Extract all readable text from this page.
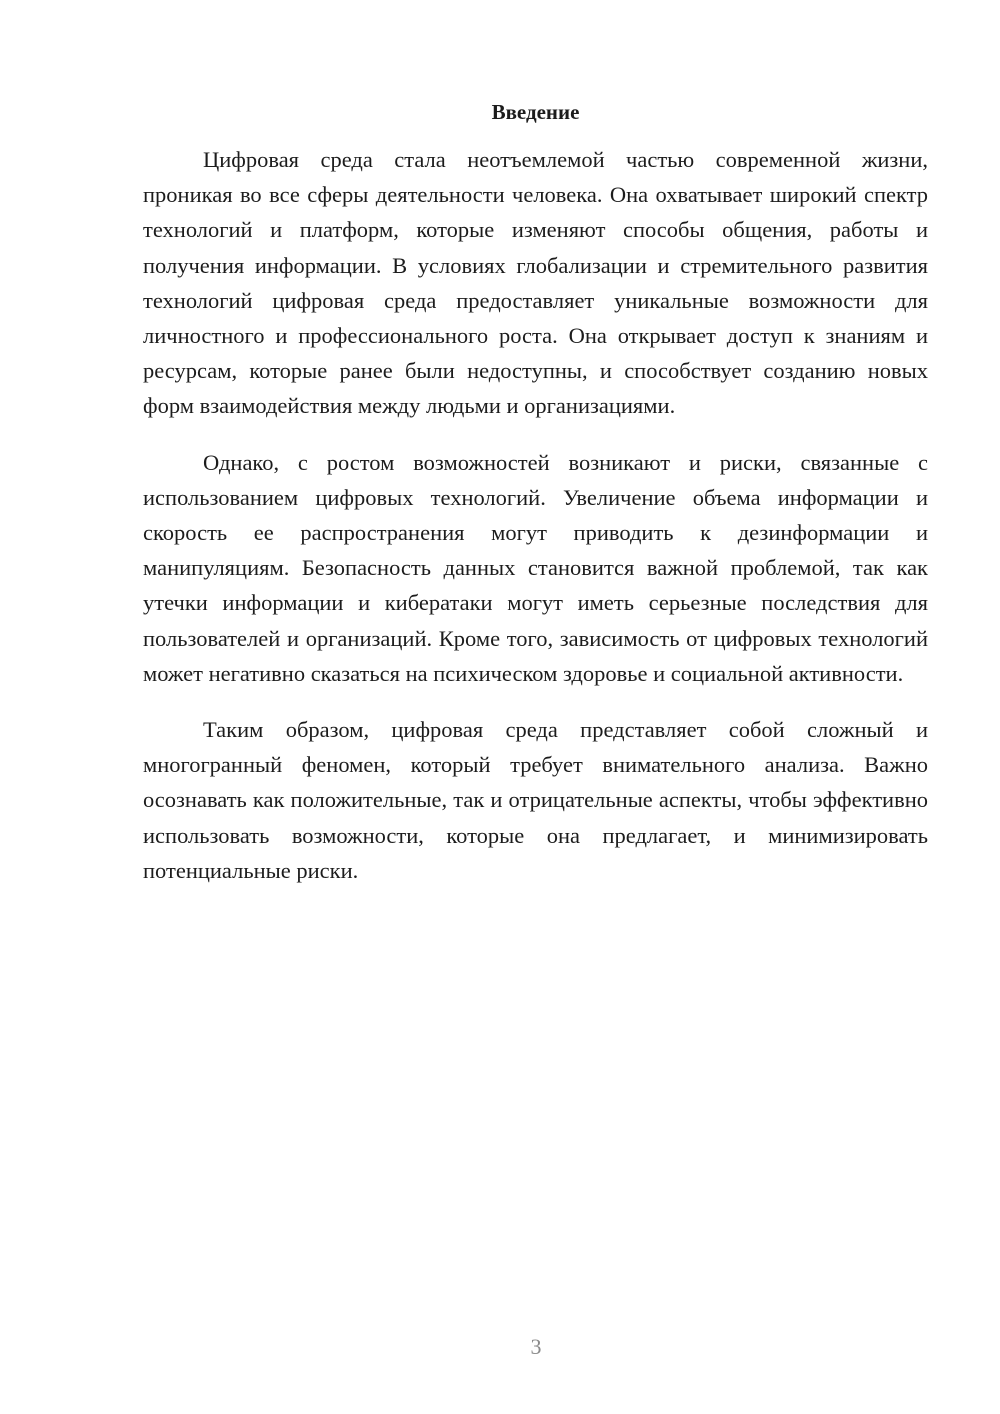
Введение

Цифровая среда стала неотъемлемой частью современной жизни, проникая во все сферы деятельности человека. Она охватывает широкий спектр технологий и платформ, которые изменяют способы общения, работы и получения информации. В условиях глобализации и стремительного развития технологий цифровая среда предоставляет уникальные возможности для личностного и профессионального роста. Она открывает доступ к знаниям и ресурсам, которые ранее были недоступны, и способствует созданию новых форм взаимодействия между людьми и организациями.

Однако, с ростом возможностей возникают и риски, связанные с использованием цифровых технологий. Увеличение объема информации и скорость ее распространения могут приводить к дезинформации и манипуляциям. Безопасность данных становится важной проблемой, так как утечки информации и кибератаки могут иметь серьезные последствия для пользователей и организаций. Кроме того, зависимость от цифровых технологий может негативно сказаться на психическом здоровье и социальной активности.

Таким образом, цифровая среда представляет собой сложный и многогранный феномен, который требует внимательного анализа. Важно осознавать как положительные, так и отрицательные аспекты, чтобы эффективно использовать возможности, которые она предлагает, и минимизировать потенциальные риски.

3
